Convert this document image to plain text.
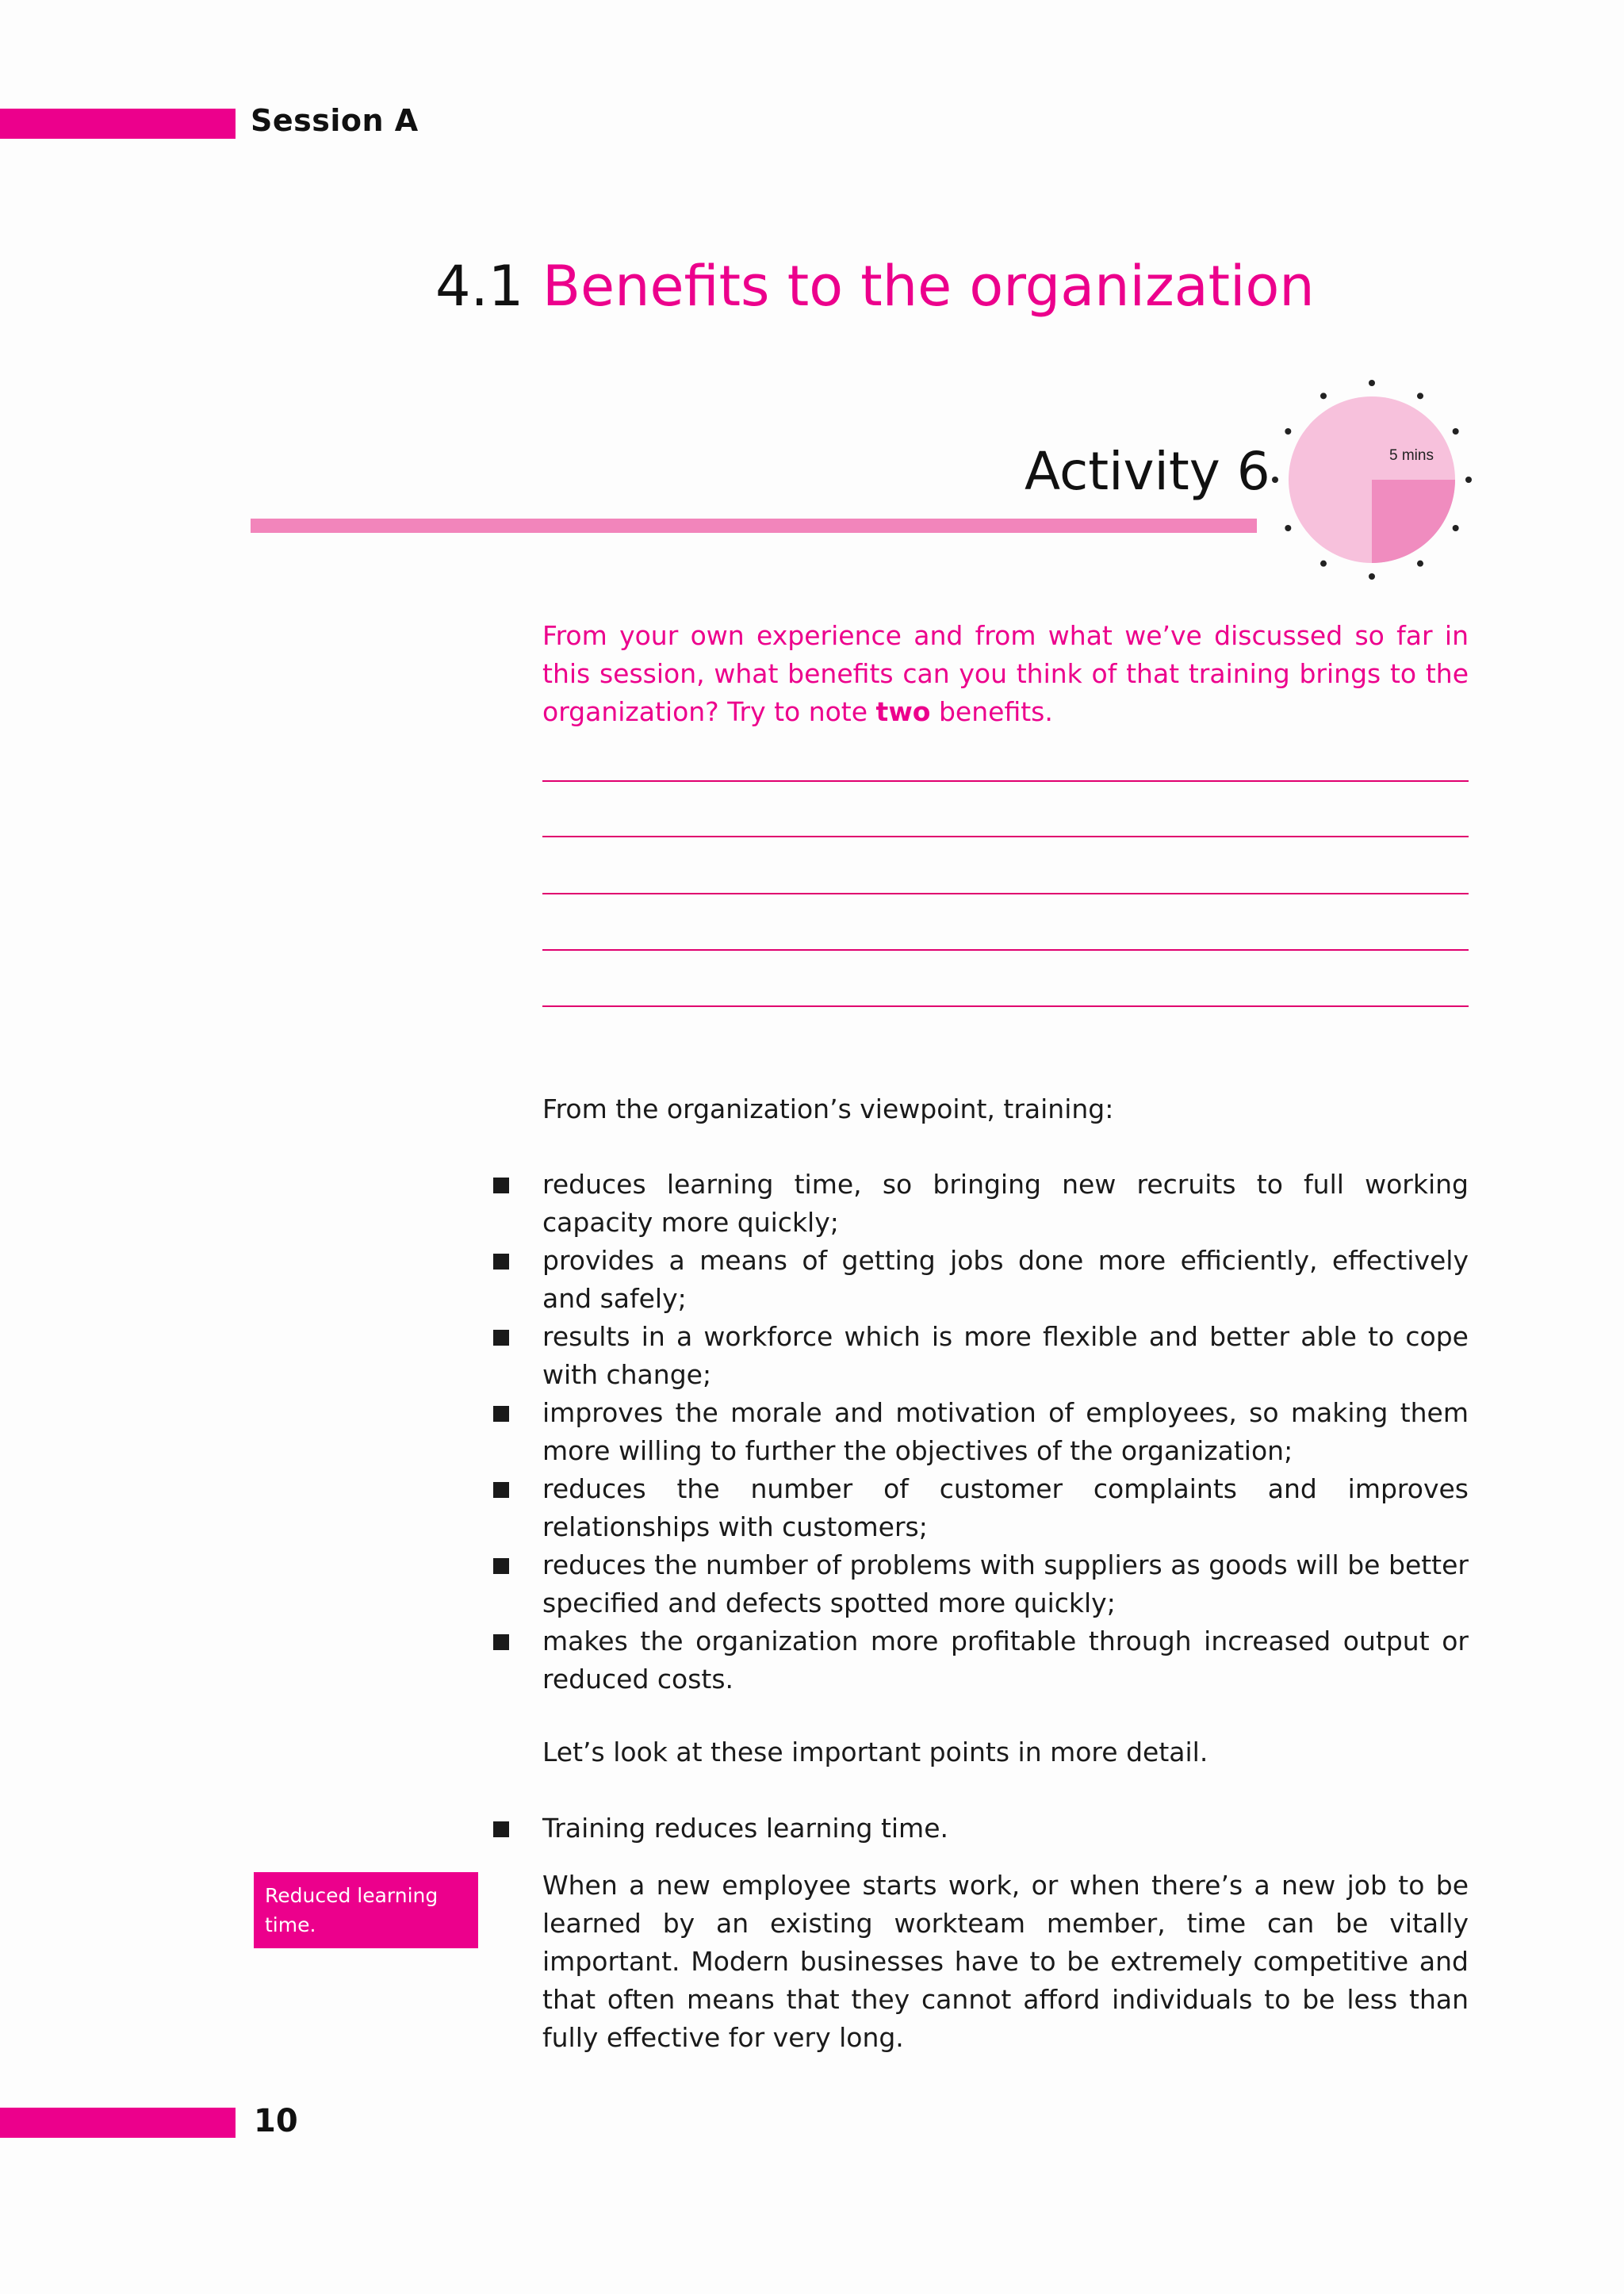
Session A
4.1 Benefits to the organization
Activity 6	5 mins
From your own experience and from what we’ve discussed so far in this session, what benefits can you think of that training brings to the organization? Try to note two benefits.
From the organization’s viewpoint, training:
reduces learning time, so bringing new recruits to full working capacity more quickly;
provides a means of getting jobs done more efficiently, effectively and safely;
results in a workforce which is more flexible and better able to cope with change;
improves the morale and motivation of employees, so making them more willing to further the objectives of the organization;
reduces the number of customer complaints and improves relationships with customers;
reduces the number of problems with suppliers as goods will be better specified and defects spotted more quickly;
makes the organization more profitable through increased output or reduced costs.
Let’s look at these important points in more detail.
Training reduces learning time.
Reduced learning time.
When a new employee starts work, or when there’s a new job to be learned by an existing workteam member, time can be vitally important. Modern businesses have to be extremely competitive and that often means that they cannot afford individuals to be less than fully effective for very long.
10
